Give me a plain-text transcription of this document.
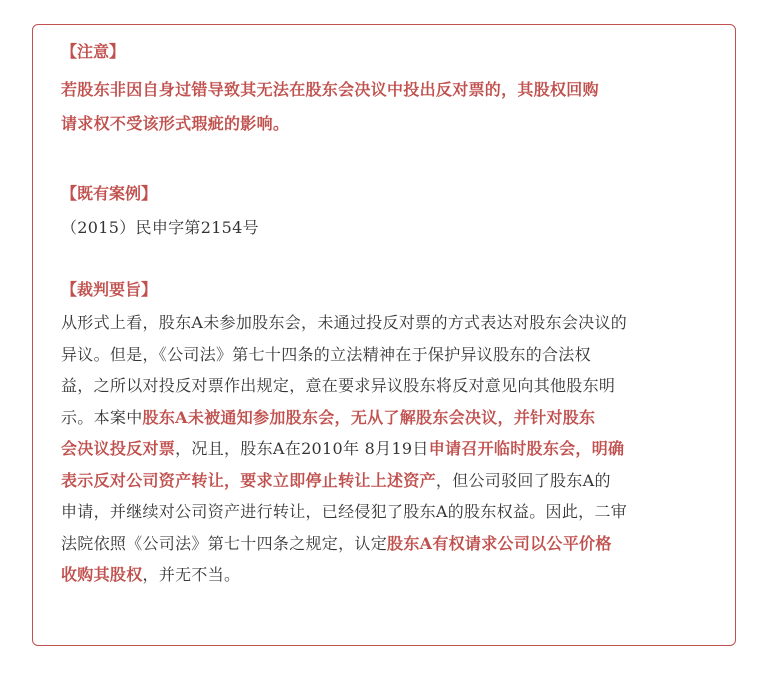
【注意】
若股东非因自身过错导致其无法在股东会决议中投出反对票的，其股权回购
请求权不受该形式瑕疵的影响。
【既有案例】
（2015）民申字第2154号
【裁判要旨】
从形式上看，股东A未参加股东会，未通过投反对票的方式表达对股东会决议的
异议。但是，《公司法》第七十四条的立法精神在于保护异议股东的合法权
益，之所以对投反对票作出规定，意在要求异议股东将反对意见向其他股东明
示。本案中股东A未被通知参加股东会，无从了解股东会决议，并针对股东
会决议投反对票，况且，股东A在2010年 8月19日申请召开临时股东会，明确
表示反对公司资产转让，要求立即停止转让上述资产，但公司驳回了股东A的
申请，并继续对公司资产进行转让，已经侵犯了股东A的股东权益。因此，二审
法院依照《公司法》第七十四条之规定，认定股东A有权请求公司以公平价格
收购其股权，并无不当。
